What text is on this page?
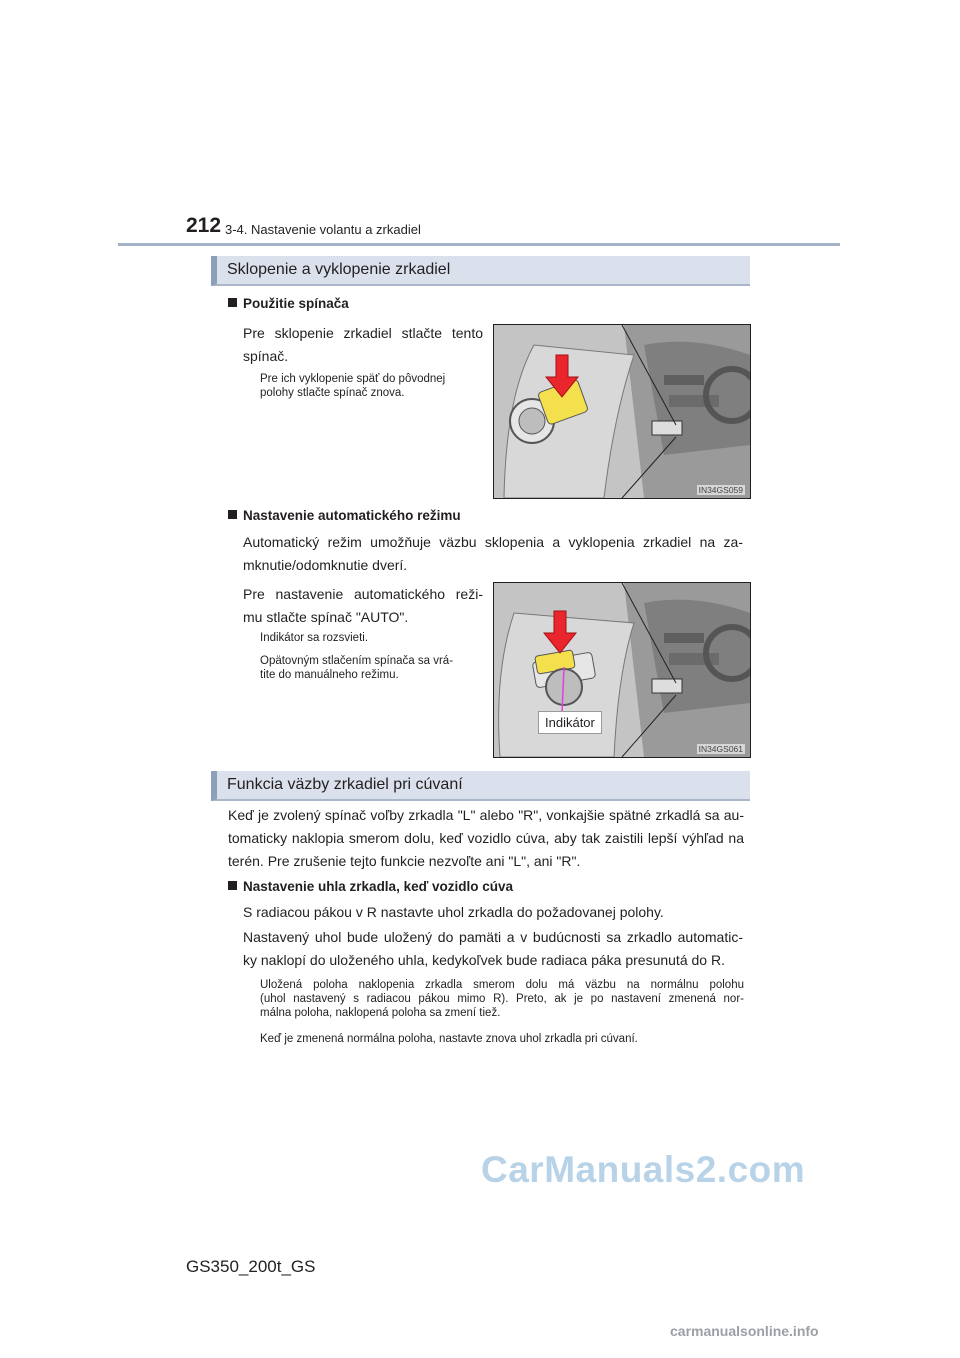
212 3-4. Nastavenie volantu a zrkadiel
Sklopenie a vyklopenie zrkadiel
Použitie spínača
Pre sklopenie zrkadiel stlačte tento
spínač.
Pre ich vyklopenie späť do pôvodnej
polohy stlačte spínač znova.
IN34GS059
Nastavenie automatického režimu
Automatický režim umožňuje väzbu sklopenia a vyklopenia zrkadiel na za-
mknutie/odomknutie dverí.
Pre nastavenie automatického reži-
mu stlačte spínač "AUTO".
Indikátor sa rozsvieti.
Opätovným stlačením spínača sa vrá-
tite do manuálneho režimu.
Indikátor
IN34GS061
Funkcia väzby zrkadiel pri cúvaní
Keď je zvolený spínač voľby zrkadla "L" alebo "R", vonkajšie spätné zrkadlá sa au-
tomaticky naklopia smerom dolu, keď vozidlo cúva, aby tak zaistili lepší výhľad na
terén. Pre zrušenie tejto funkcie nezvoľte ani "L", ani "R".
Nastavenie uhla zrkadla, keď vozidlo cúva
S radiacou pákou v R nastavte uhol zrkadla do požadovanej polohy.
Nastavený uhol bude uložený do pamäti a v budúcnosti sa zrkadlo automatic-
ky naklopí do uloženého uhla, kedykoľvek bude radiaca páka presunutá do R.
Uložená poloha naklopenia zrkadla smerom dolu má väzbu na normálnu polohu
(uhol nastavený s radiacou pákou mimo R). Preto, ak je po nastavení zmenená nor-
málna poloha, naklopená poloha sa zmení tiež.
Keď je zmenená normálna poloha, nastavte znova uhol zrkadla pri cúvaní.
CarManuals2.com
GS350_200t_GS
carmanualsonline.info
